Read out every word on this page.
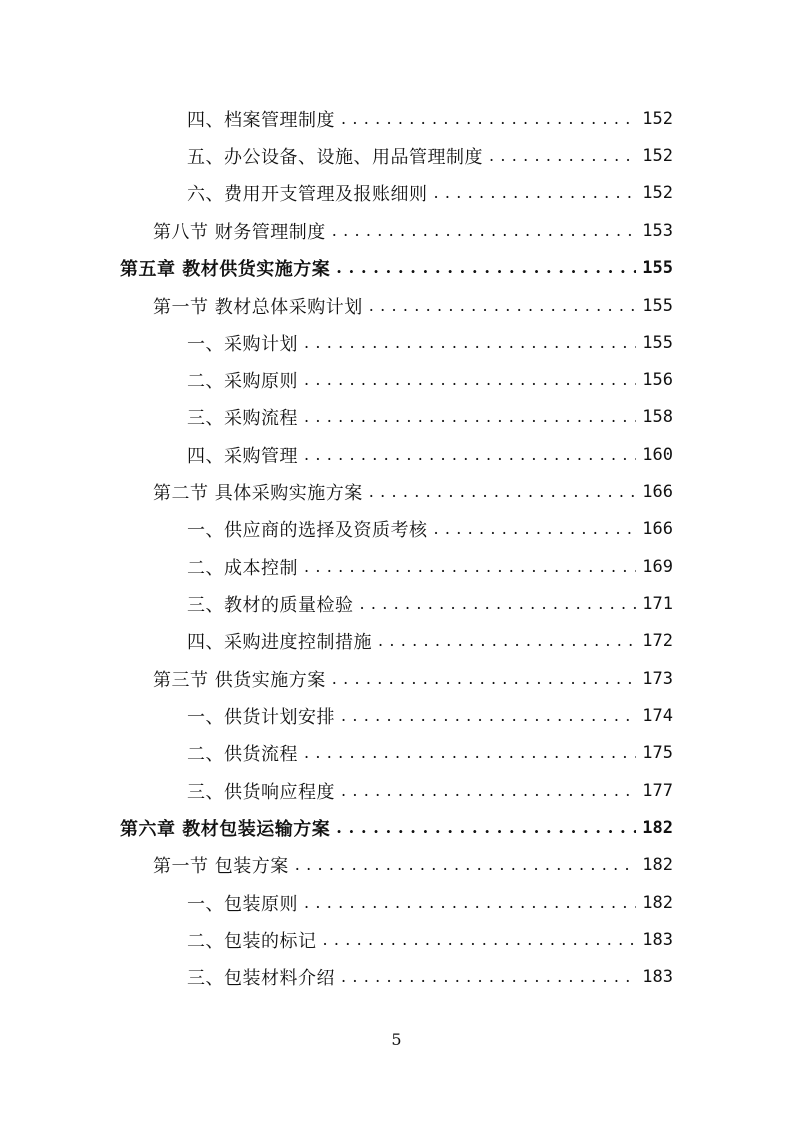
四、档案管理制度 . . .	152
五、办公设备、设施、用品管理制度 . . .	152
六、费用开支管理及报账细则 . . .	152
第八节 财务管理制度 . . .	153
第五章 教材供货实施方案 . . .	155
第一节 教材总体采购计划 . . .	155
一、采购计划 . . .	155
二、采购原则 . . .	156
三、采购流程 . . .	158
四、采购管理 . . .	160
第二节 具体采购实施方案 . . .	166
一、供应商的选择及资质考核 . . .	166
二、成本控制 . . .	169
三、教材的质量检验 . . .	171
四、采购进度控制措施 . . .	172
第三节 供货实施方案 . . .	173
一、供货计划安排 . . .	174
二、供货流程 . . .	175
三、供货响应程度 . . .	177
第六章 教材包装运输方案 . . .	182
第一节 包装方案 . . .	182
一、包装原则 . . .	182
二、包装的标记 . . .	183
三、包装材料介绍 . . .	183
5
